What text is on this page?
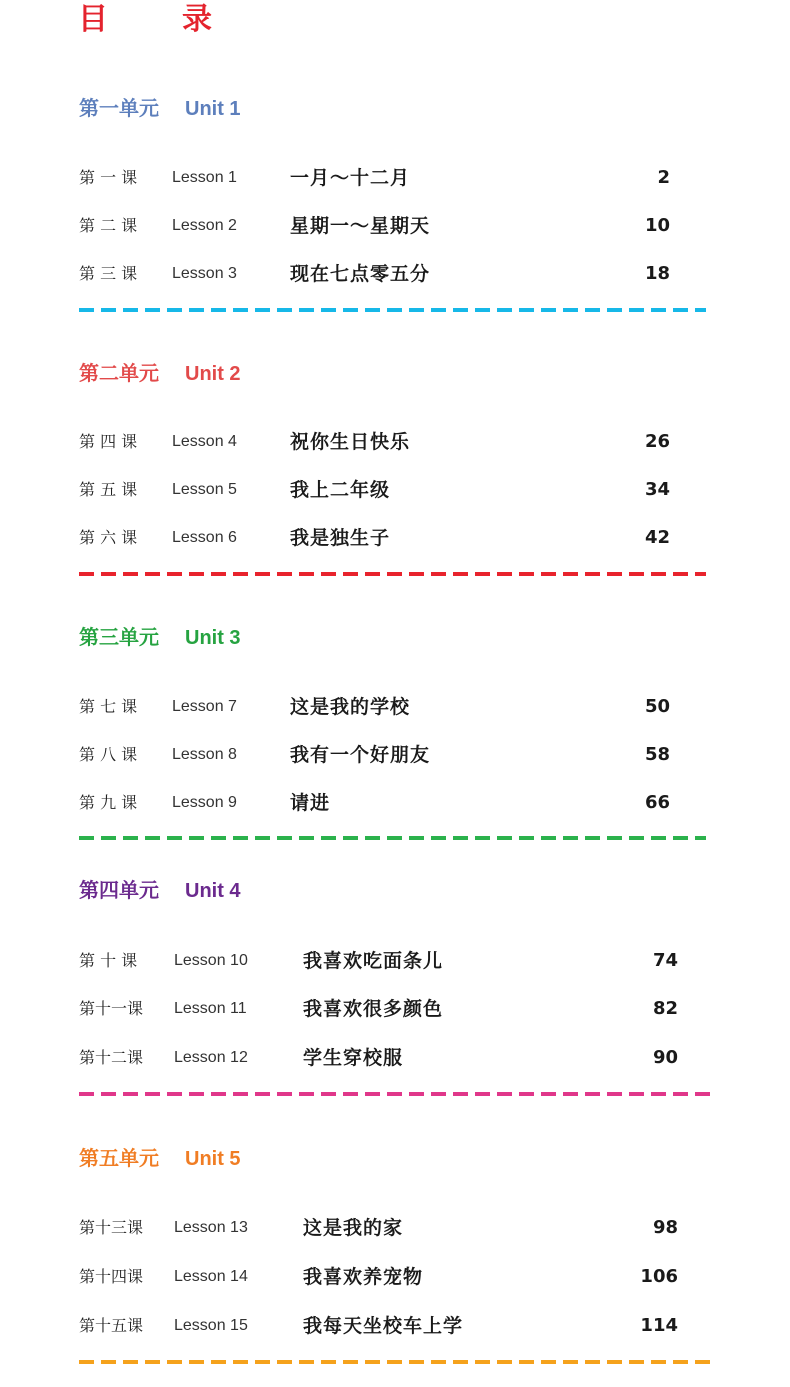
目　录
第一单元 Unit 1
第 一 课 Lesson 1	一月～十二月	2
第 二 课 Lesson 2	星期一～星期天	10
第 三 课 Lesson 3	现在七点零五分	18
第二单元 Unit 2
第 四 课 Lesson 4	祝你生日快乐	26
第 五 课 Lesson 5	我上二年级	34
第 六 课 Lesson 6	我是独生子	42
第三单元 Unit 3
第 七 课 Lesson 7	这是我的学校	50
第 八 课 Lesson 8	我有一个好朋友	58
第 九 课 Lesson 9	请进	66
第四单元 Unit 4
第 十 课 Lesson 10	我喜欢吃面条儿	74
第十一课 Lesson 11	我喜欢很多颜色	82
第十二课 Lesson 12	学生穿校服	90
第五单元 Unit 5
第十三课 Lesson 13	这是我的家	98
第十四课 Lesson 14	我喜欢养宠物	106
第十五课 Lesson 15	我每天坐校车上学	114
